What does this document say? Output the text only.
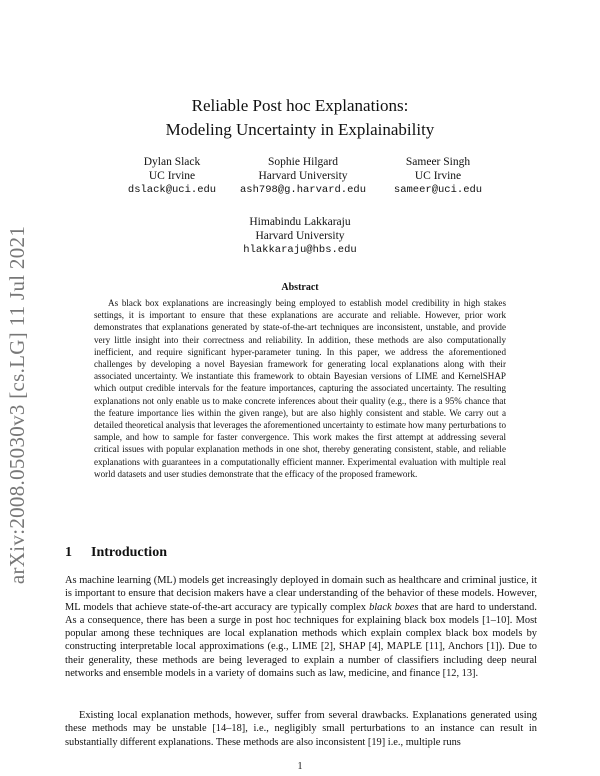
arXiv:2008.05030v3 [cs.LG] 11 Jul 2021
Reliable Post hoc Explanations:
Modeling Uncertainty in Explainability
Dylan Slack
UC Irvine
dslack@uci.edu
Sophie Hilgard
Harvard University
ash798@g.harvard.edu
Sameer Singh
UC Irvine
sameer@uci.edu
Himabindu Lakkaraju
Harvard University
hlakkaraju@hbs.edu
Abstract
As black box explanations are increasingly being employed to establish model credibility in high stakes settings, it is important to ensure that these explanations are accurate and reliable. However, prior work demonstrates that explanations generated by state-of-the-art techniques are inconsistent, unstable, and provide very little insight into their correctness and reliability. In addition, these methods are also computationally inefficient, and require significant hyper-parameter tuning. In this paper, we address the aforementioned challenges by developing a novel Bayesian framework for generating local explanations along with their associated uncertainty. We instantiate this framework to obtain Bayesian versions of LIME and KernelSHAP which output credible intervals for the feature importances, capturing the associated uncertainty. The resulting explanations not only enable us to make concrete inferences about their quality (e.g., there is a 95% chance that the feature importance lies within the given range), but are also highly consistent and stable. We carry out a detailed theoretical analysis that leverages the aforementioned uncertainty to estimate how many perturbations to sample, and how to sample for faster convergence. This work makes the first attempt at addressing several critical issues with popular explanation methods in one shot, thereby generating consistent, stable, and reliable explanations with guarantees in a computationally efficient manner. Experimental evaluation with multiple real world datasets and user studies demonstrate that the efficacy of the proposed framework.
1 Introduction
As machine learning (ML) models get increasingly deployed in domain such as healthcare and criminal justice, it is important to ensure that decision makers have a clear understanding of the behavior of these models. However, ML models that achieve state-of-the-art accuracy are typically complex black boxes that are hard to understand. As a consequence, there has been a surge in post hoc techniques for explaining black box models [1–10]. Most popular among these techniques are local explanation methods which explain complex black box models by constructing interpretable local approximations (e.g., LIME [2], SHAP [4], MAPLE [11], Anchors [1]). Due to their generality, these methods are being leveraged to explain a number of classifiers including deep neural networks and ensemble models in a variety of domains such as law, medicine, and finance [12, 13].
Existing local explanation methods, however, suffer from several drawbacks. Explanations generated using these methods may be unstable [14–18], i.e., negligibly small perturbations to an instance can result in substantially different explanations. These methods are also inconsistent [19] i.e., multiple runs
1
